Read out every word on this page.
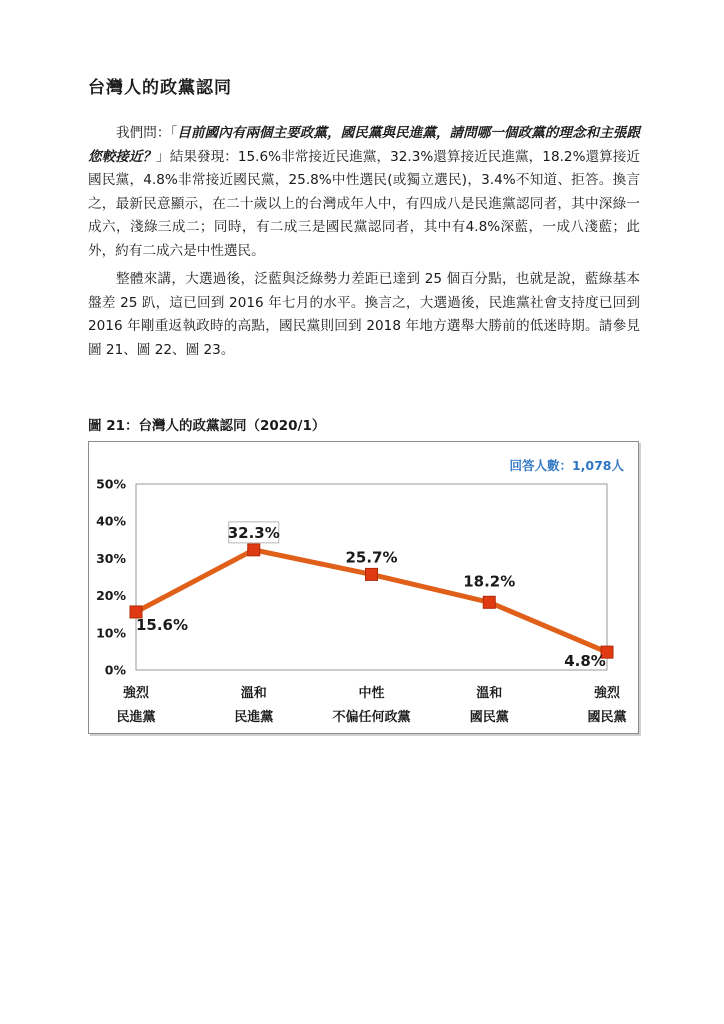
台灣人的政黨認同
我們問：「目前國內有兩個主要政黨，國民黨與民進黨，請問哪一個政黨的理念和主張跟您較接近？」結果發現：15.6%非常接近民進黨，32.3%還算接近民進黨，18.2%還算接近國民黨，4.8%非常接近國民黨，25.8%中性選民(或獨立選民)，3.4%不知道、拒答。換言之，最新民意顯示，在二十歲以上的台灣成年人中，有四成八是民進黨認同者，其中深綠一成六，淺綠三成二；同時，有二成三是國民黨認同者，其中有4.8%深藍，一成八淺藍；此外，約有二成六是中性選民。
整體來講，大選過後，泛藍與泛綠勢力差距已達到 25 個百分點，也就是說，藍綠基本盤差 25 趴，這已回到 2016 年七月的水平。換言之，大選過後，民進黨社會支持度已回到 2016 年剛重返執政時的高點，國民黨則回到 2018 年地方選舉大勝前的低迷時期。請參見圖 21、圖 22、圖 23。
圖 21：台灣人的政黨認同（2020/1）
0%
10%
20%
30%
40%
50%
15.6%
32.3%
25.7%
18.2%
4.8%
回答人數：1,078人
強烈
民進黨
溫和
民進黨
中性
不偏任何政黨
溫和
國民黨
強烈
國民黨
